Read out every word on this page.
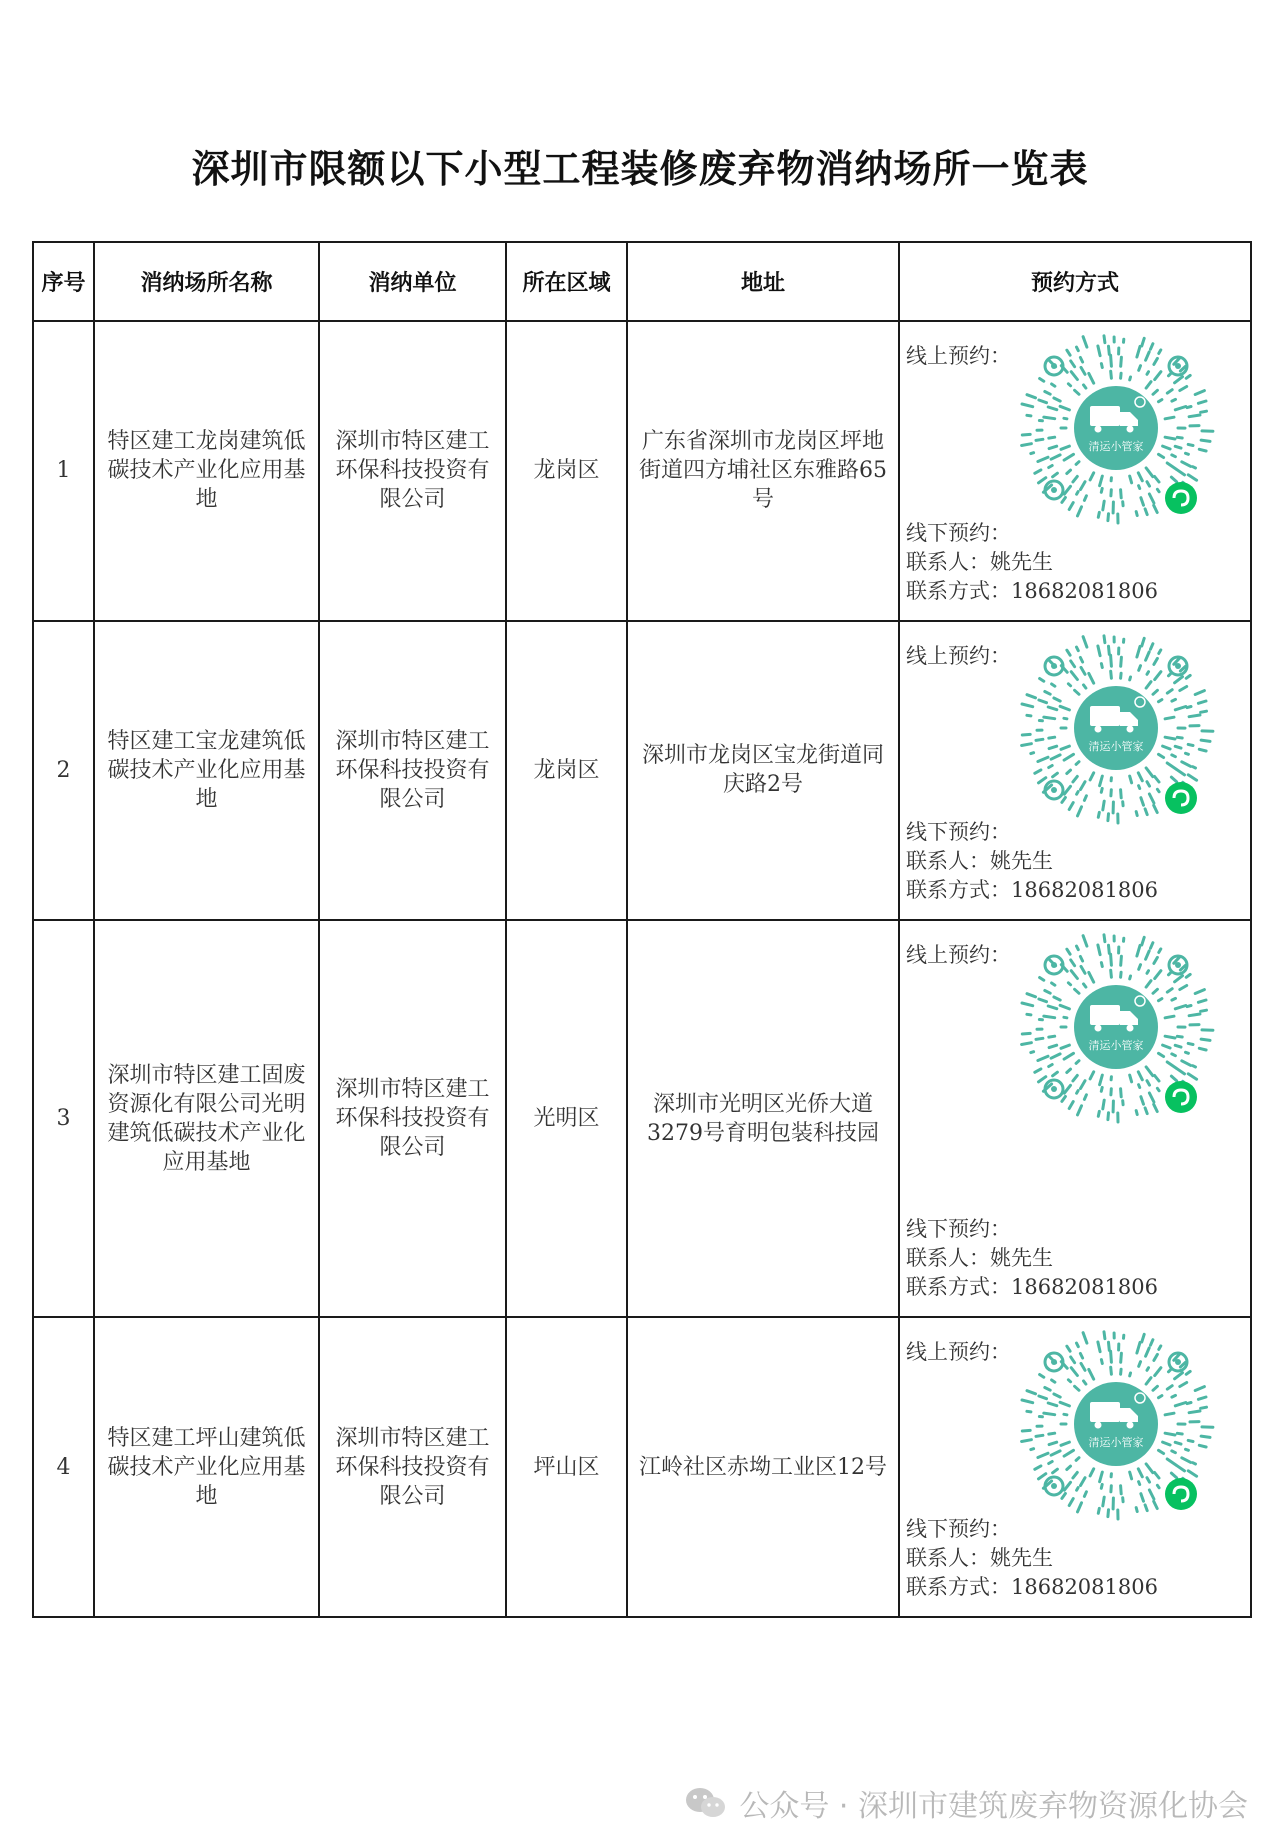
深圳市限额以下小型工程装修废弃物消纳场所一览表
序号	消纳场所名称	消纳单位	所在区域	地址	预约方式
1	特区建工龙岗建筑低碳技术产业化应用基地	深圳市特区建工环保科技投资有限公司	龙岗区	广东省深圳市龙岗区坪地街道四方埔社区东雅路65号	线上预约：
清运小管家
线下预约：
联系人：姚先生
联系方式：18682081806

2	特区建工宝龙建筑低碳技术产业化应用基地	深圳市特区建工环保科技投资有限公司	龙岗区	深圳市龙岗区宝龙街道同庆路2号	线上预约：
清运小管家
线下预约：
联系人：姚先生
联系方式：18682081806

3	深圳市特区建工固废资源化有限公司光明建筑低碳技术产业化应用基地	深圳市特区建工环保科技投资有限公司	光明区	深圳市光明区光侨大道3279号育明包装科技园	线上预约：
清运小管家
线下预约：
联系人：姚先生
联系方式：18682081806

4	特区建工坪山建筑低碳技术产业化应用基地	深圳市特区建工环保科技投资有限公司	坪山区	江岭社区赤坳工业区12号	线上预约：
清运小管家
线下预约：
联系人：姚先生
联系方式：18682081806
公众号 · 深圳市建筑废弃物资源化协会
